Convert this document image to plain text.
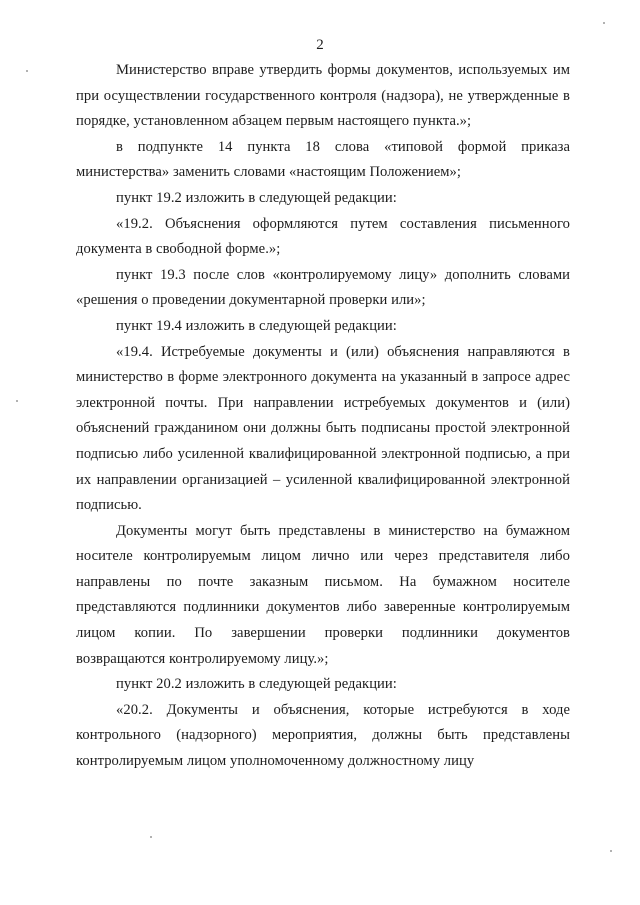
2

Министерство вправе утвердить формы документов, используемых им при осуществлении государственного контроля (надзора), не утвержденные в порядке, установленном абзацем первым настоящего пункта.»;

в подпункте 14 пункта 18 слова «типовой формой приказа министерства» заменить словами «настоящим Положением»;

пункт 19.2 изложить в следующей редакции:

«19.2. Объяснения оформляются путем составления письменного документа в свободной форме.»;

пункт 19.3 после слов «контролируемому лицу» дополнить словами «решения о проведении документарной проверки или»;

пункт 19.4 изложить в следующей редакции:

«19.4. Истребуемые документы и (или) объяснения направляются в министерство в форме электронного документа на указанный в запросе адрес электронной почты. При направлении истребуемых документов и (или) объяснений гражданином они должны быть подписаны простой электронной подписью либо усиленной квалифицированной электронной подписью, а при их направлении организацией – усиленной квалифицированной электронной подписью.

Документы могут быть представлены в министерство на бумажном носителе контролируемым лицом лично или через представителя либо направлены по почте заказным письмом. На бумажном носителе представляются подлинники документов либо заверенные контролируемым лицом копии. По завершении проверки подлинники документов возвращаются контролируемому лицу.»;

пункт 20.2 изложить в следующей редакции:

«20.2. Документы и объяснения, которые истребуются в ходе контрольного (надзорного) мероприятия, должны быть представлены контролируемым лицом уполномоченному должностному лицу
